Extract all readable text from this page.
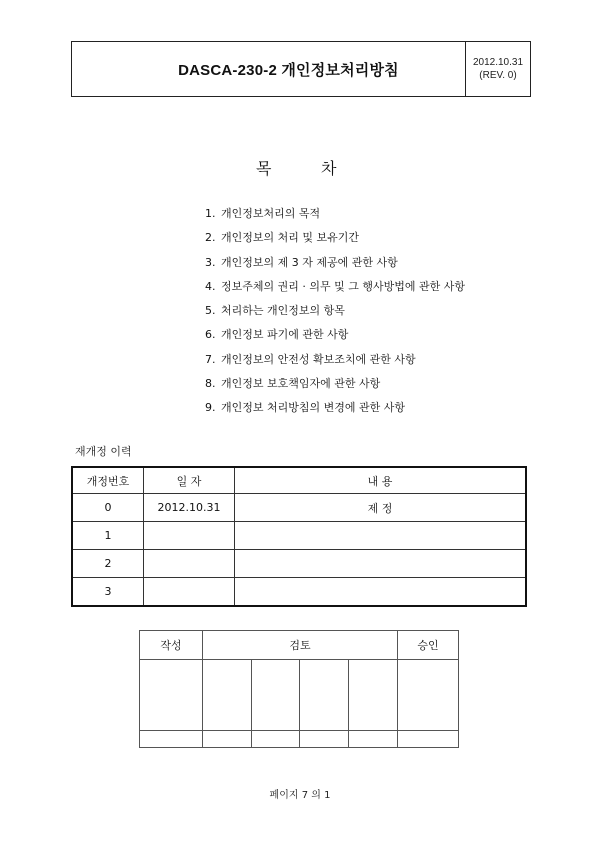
DASCA-230-2 개인정보처리방침	2012.10.31
(REV. 0)
목	차
1. 개인정보처리의 목적
2. 개인정보의 처리 및 보유기간
3. 개인정보의 제 3 자 제공에 관한 사항
4. 정보주체의 권리 · 의무 및 그 행사방법에 관한 사항
5. 처리하는 개인정보의 항목
6. 개인정보 파기에 관한 사항
7. 개인정보의 안전성 확보조치에 관한 사항
8. 개인정보 보호책임자에 관한 사항
9. 개인정보 처리방침의 변경에 관한 사항
재개정 이력
개정번호	일 자	내 용
0	2012.10.31	제 정
1		
2		
3		
작성	검토				승인

페이지 7 의 1
